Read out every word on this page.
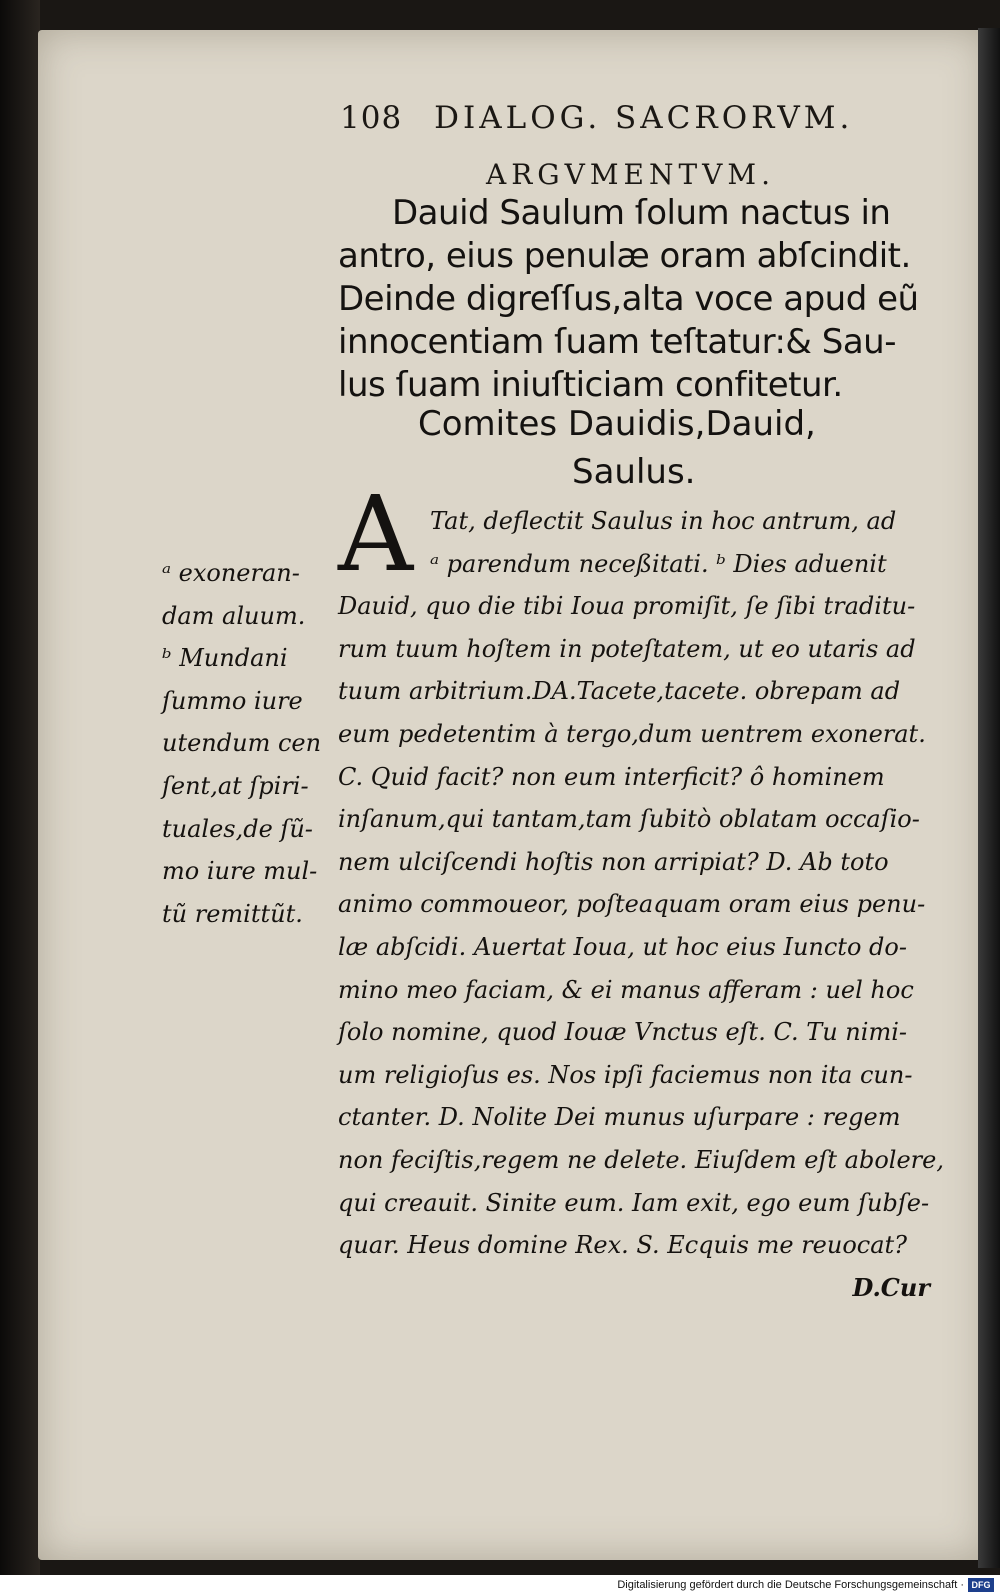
108 DIALOG. SACRORVM.
ARGVMENTVM.
Dauid Saulum ſolum nactus in
antro, eius penulæ oram abſcindit.
Deinde digreſſus,alta voce apud eũ
innocentiam ſuam teſtatur:& Sau-
lus ſuam iniuſticiam confitetur.
Comites Dauidis,Dauid,
Saulus.
A Tat, deflectit Saulus in hoc antrum, ad
ᵃ parendum neceßitati. ᵇ Dies aduenit
Dauid, quo die tibi Ioua promiſit, ſe ſibi traditu-
rum tuum hoſtem in poteſtatem, ut eo utaris ad
tuum arbitrium.DA.Tacete,tacete. obrepam ad
eum pedetentim à tergo,dum uentrem exonerat.
C. Quid facit? non eum interficit? ô hominem
inſanum,qui tantam,tam ſubitò oblatam occaſio-
nem ulciſcendi hoſtis non arripiat? D. Ab toto
animo commoueor, poſteaquam oram eius penu-
læ abſcidi. Auertat Ioua, ut hoc eius Iuncto do-
mino meo faciam, & ei manus afferam : uel hoc
ſolo nomine, quod Iouæ Vnctus eſt. C. Tu nimi-
um religioſus es. Nos ipſi faciemus non ita cun-
ctanter. D. Nolite Dei munus uſurpare : regem
non feciſtis,regem ne delete. Eiuſdem eſt abolere,
qui creauit. Sinite eum. Iam exit, ego eum ſubſe-
quar. Heus domine Rex. S. Ecquis me reuocat?
D.Cur
ᵃ exoneran-
dam aluum.
ᵇ Mundani
ſummo iure
utendum cen
ſent,at ſpiri-
tuales,de ſũ-
mo iure mul-
tũ remittũt.
Digitalisierung gefördert durch die Deutsche Forschungsgemeinschaft · DFG
